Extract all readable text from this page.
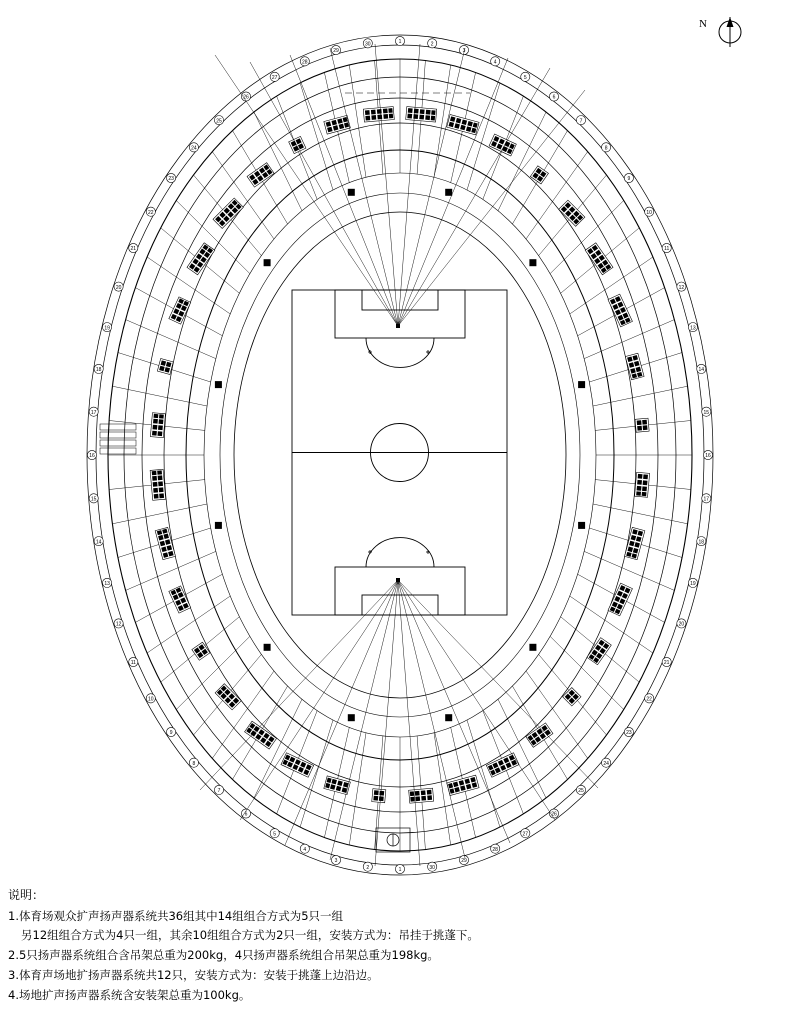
N
1	2
3
4
5
6
7
8
9
10
11
12
13
14
15
16
17
18
19
20
21
22
23
24
25
26
27
28
29
30
1
2
3
4
5
6
7
8
9
10
11
12
13
14
15
16
17
18
19
20
21
22
23
24
25
26
27
28
29
30
说明：
1.体育场观众扩声扬声器系统共36组其中14组组合方式为5只一组
另12组组合方式为4只一组，其余10组组合方式为2只一组，安装方式为：吊挂于挑蓬下。
2.5只扬声器系统组合含吊架总重为200kg，4只扬声器系统组合吊架总重为198kg。
3.体育声场地扩扬声器系统共12只，安装方式为：安装于挑蓬上边沿边。
4.场地扩声扬声器系统含安装架总重为100kg。
